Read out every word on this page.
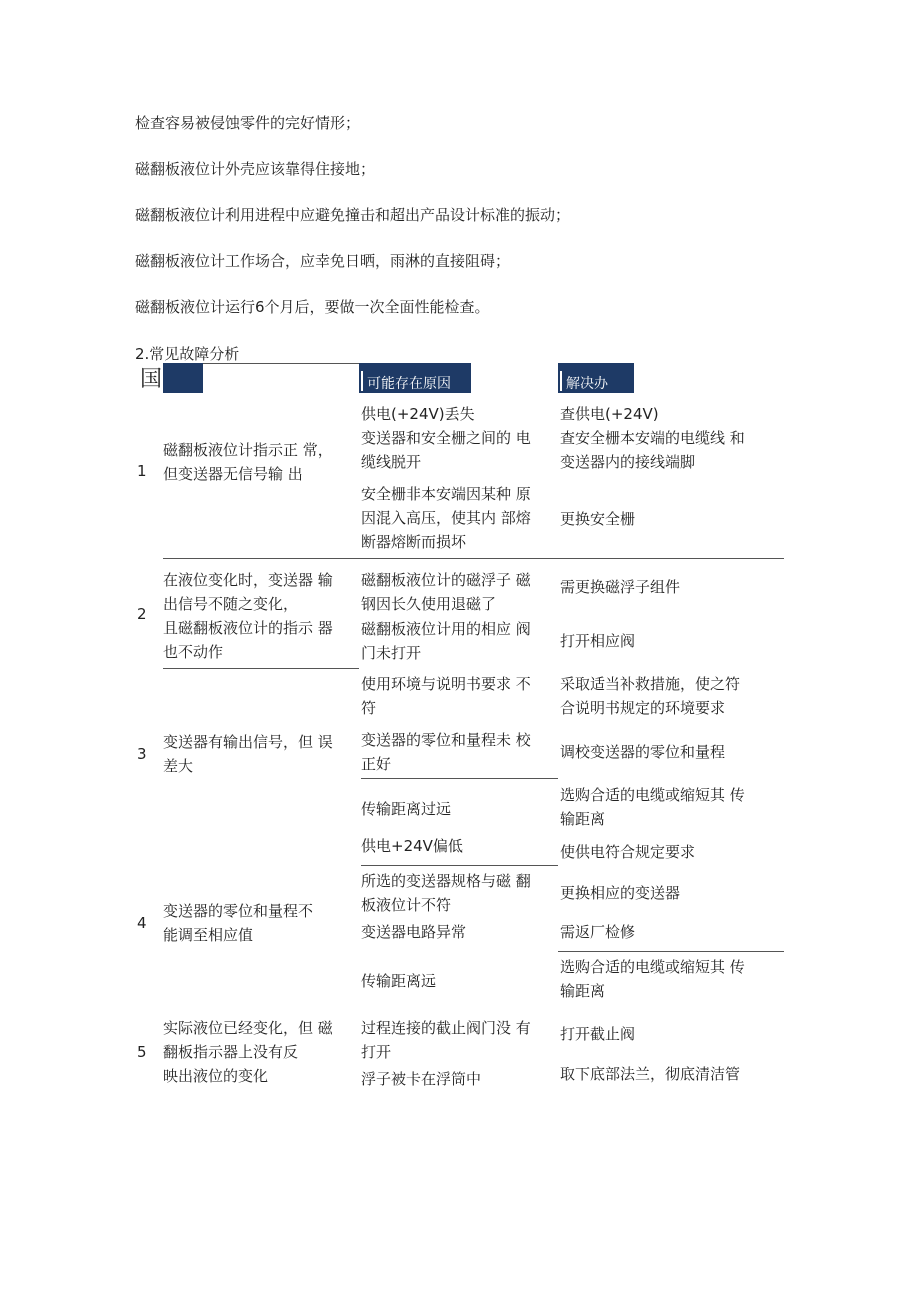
检查容易被侵蚀零件的完好情形；
磁翻板液位计外壳应该靠得住接地；
磁翻板液位计利用进程中应避免撞击和超出产品设计标准的振动；
磁翻板液位计工作场合，应幸免日晒，雨淋的直接阻碍；
磁翻板液位计运行6个月后，要做一次全面性能检查。
2.常见故障分析
国	可能存在原因	解决办
1
磁翻板液位计指示正 常，
但变送器无信号输 出
供电(+24V)丢失
变送器和安全栅之间的 电
缆线脱开
安全栅非本安端因某种 原
因混入高压，使其内 部熔
断器熔断而损坏
查供电(+24V)
查安全栅本安端的电缆线 和
变送器内的接线端脚
更换安全栅
2
在液位变化时，变送器 输
出信号不随之变化，
且磁翻板液位计的指示 器
也不动作
磁翻板液位计的磁浮子 磁
钢因长久使用退磁了
磁翻板液位计用的相应 阀
门未打开
需更换磁浮子组件
打开相应阀
3
变送器有输出信号，但 误
差大
使用环境与说明书要求 不
符
变送器的零位和量程未 校
正好
传输距离过远
采取适当补救措施，使之符
合说明书规定的环境要求
调校变送器的零位和量程
选购合适的电缆或缩短其 传
输距离
4
变送器的零位和量程不
能调至相应值
供电+24V偏低
所选的变送器规格与磁 翻
板液位计不符
变送器电路异常
传输距离远
使供电符合规定要求
更换相应的变送器
需返厂检修
选购合适的电缆或缩短其 传
输距离
5
实际液位已经变化，但 磁
翻板指示器上没有反
映出液位的变化
过程连接的截止阀门没 有
打开
浮子被卡在浮筒中
打开截止阀
取下底部法兰，彻底清洁管
